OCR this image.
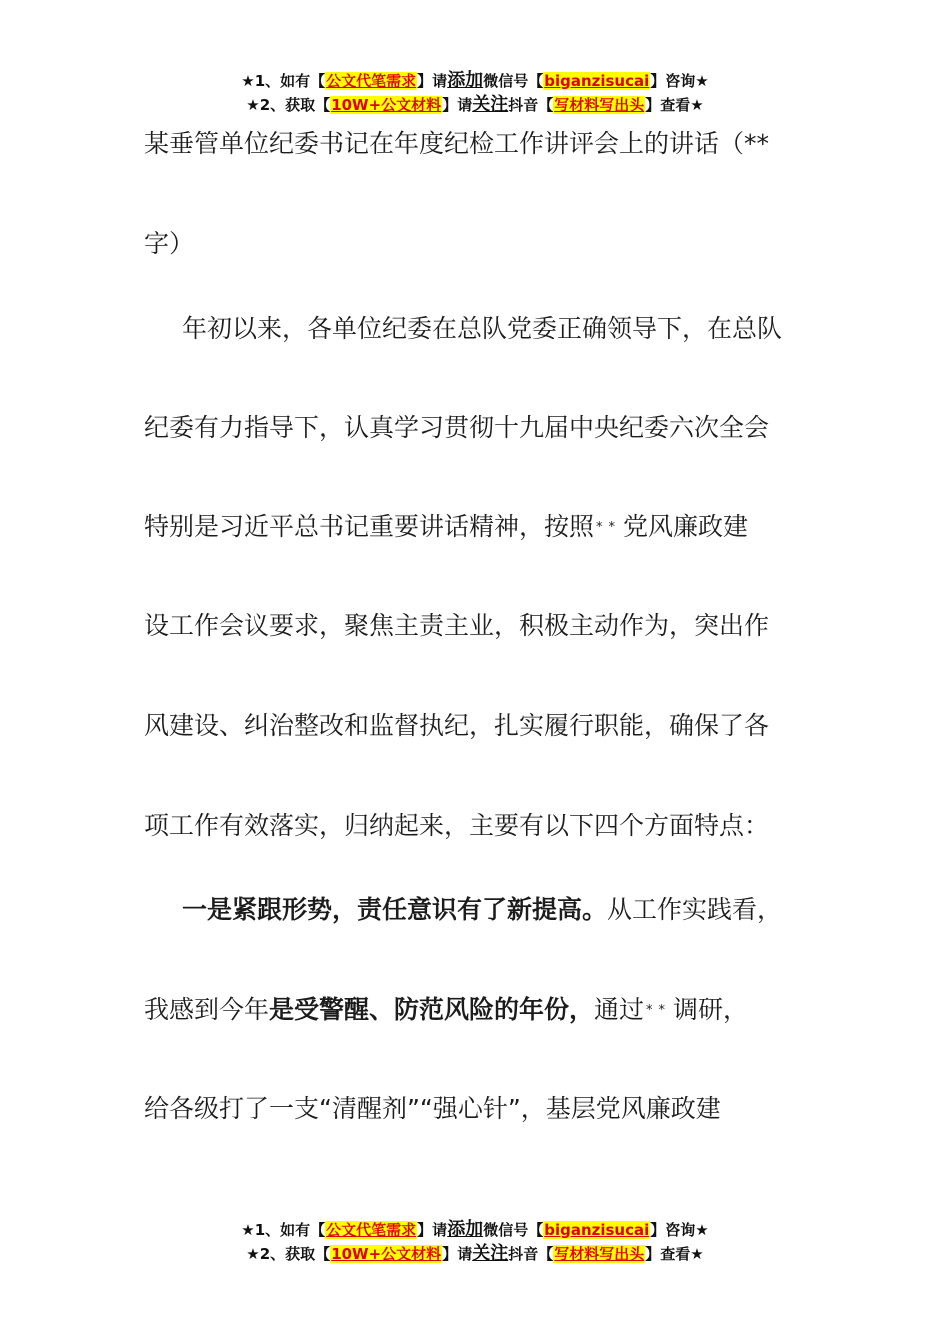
★1、如有【公文代笔需求】请添加微信号【biganzisucai】咨询★
★2、获取【10W+公文材料】请关注抖音【写材料写出头】查看★
某垂管单位纪委书记在年度纪检工作讲评会上的讲话（**
字）
年初以来，各单位纪委在总队党委正确领导下，在总队
纪委有力指导下，认真学习贯彻十九届中央纪委六次全会
特别是习近平总书记重要讲话精神，按照 **党风廉政建
设工作会议要求，聚焦主责主业，积极主动作为，突出作
风建设、纠治整改和监督执纪，扎实履行职能，确保了各
项工作有效落实，归纳起来，主要有以下四个方面特点：
一是紧跟形势，责任意识有了新提高。从工作实践看，
我感到今年是受警醒、防范风险的年份，通过 **调研，
给各级打了一支“清醒剂”“强心针”，基层党风廉政建
★1、如有【公文代笔需求】请添加微信号【biganzisucai】咨询★
★2、获取【10W+公文材料】请关注抖音【写材料写出头】查看★
